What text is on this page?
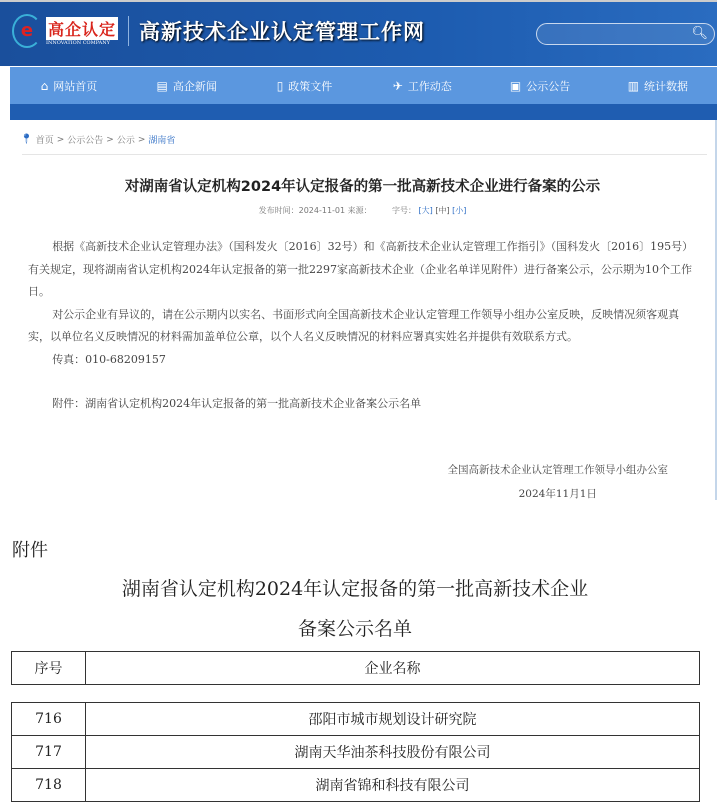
e 高企认定
INNOVATION COMPANY	高新技术企业认定管理工作网	🔍︎
⌂ 网站首页	▤ 高企新闻	▯ 政策文件	✈ 工作动态	▣ 公示公告	▥ 统计数据
📍︎ 首页 > 公示公告 > 公示 > 湖南省
对湖南省认定机构2024年认定报备的第一批高新技术企业进行备案的公示
发布时间：2024-11-01 来源：	字号： [大] [中] [小]

根据《高新技术企业认定管理办法》（国科发火〔2016〕32号）和《高新技术企业认定管理工作指引》（国科发火〔2016〕195号）有关规定，现将湖南省认定机构2024年认定报备的第一批2297家高新技术企业（企业名单详见附件）进行备案公示，公示期为10个工作日。

对公示企业有异议的，请在公示期内以实名、书面形式向全国高新技术企业认定管理工作领导小组办公室反映，反映情况须客观真实，以单位名义反映情况的材料需加盖单位公章，以个人名义反映情况的材料应署真实姓名并提供有效联系方式。

传真：010-68209157

附件：湖南省认定机构2024年认定报备的第一批高新技术企业备案公示名单

全国高新技术企业认定管理工作领导小组办公室
2024年11月1日
附件
湖南省认定机构2024年认定报备的第一批高新技术企业
备案公示名单
序号	企业名称
716	邵阳市城市规划设计研究院
717	湖南天华油茶科技股份有限公司
718	湖南省锦和科技有限公司
